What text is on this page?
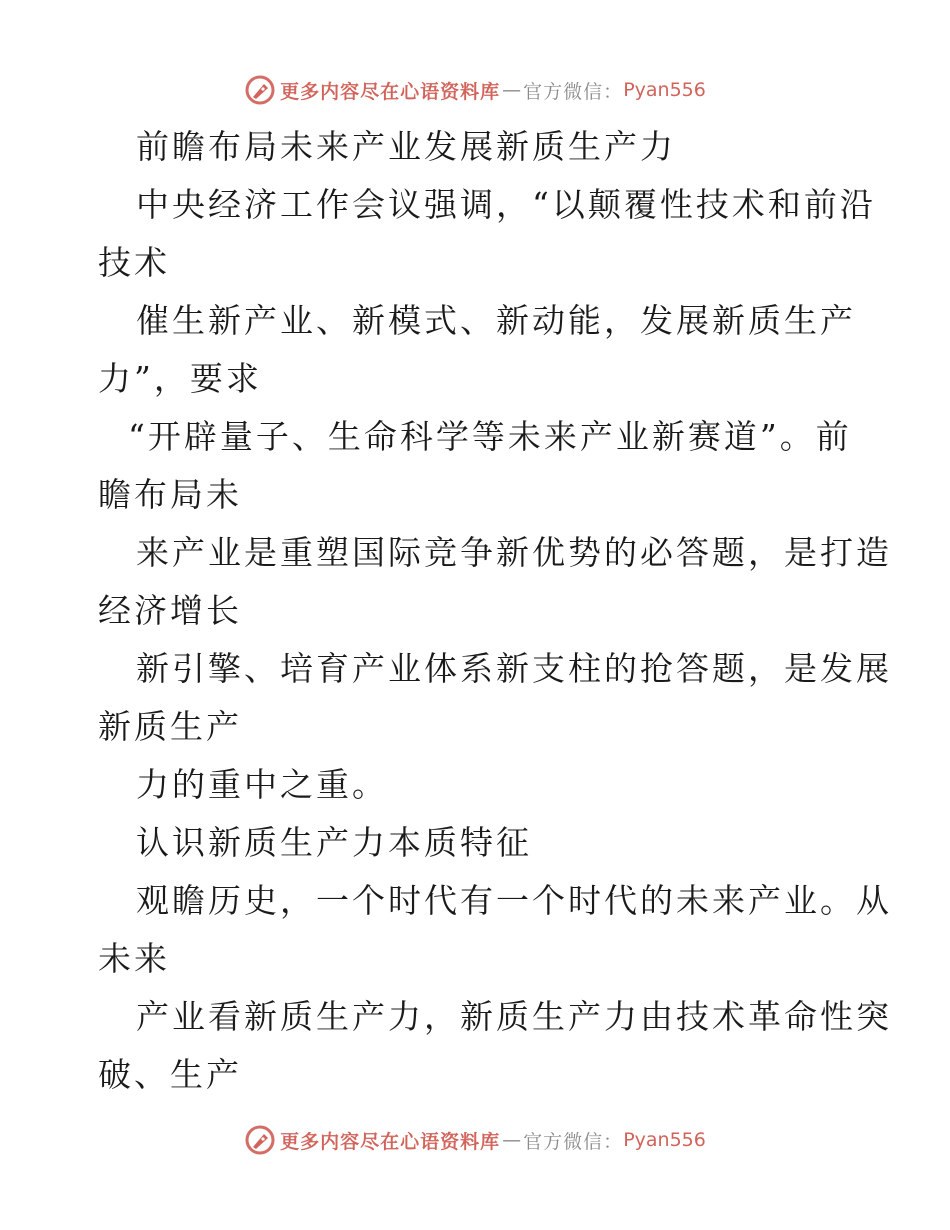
更多内容尽在心语资料库 — 官方微信： Pyan556
前瞻布局未来产业发展新质生产力
中央经济工作会议强调，“以颠覆性技术和前沿
技术
催生新产业、新模式、新动能，发展新质生产
力”，要求
“开辟量子、生命科学等未来产业新赛道”。前
瞻布局未
来产业是重塑国际竞争新优势的必答题，是打造
经济增长
新引擎、培育产业体系新支柱的抢答题，是发展
新质生产
力的重中之重。
认识新质生产力本质特征
观瞻历史，一个时代有一个时代的未来产业。从
未来
产业看新质生产力，新质生产力由技术革命性突
破、生产
更多内容尽在心语资料库 — 官方微信： Pyan556
